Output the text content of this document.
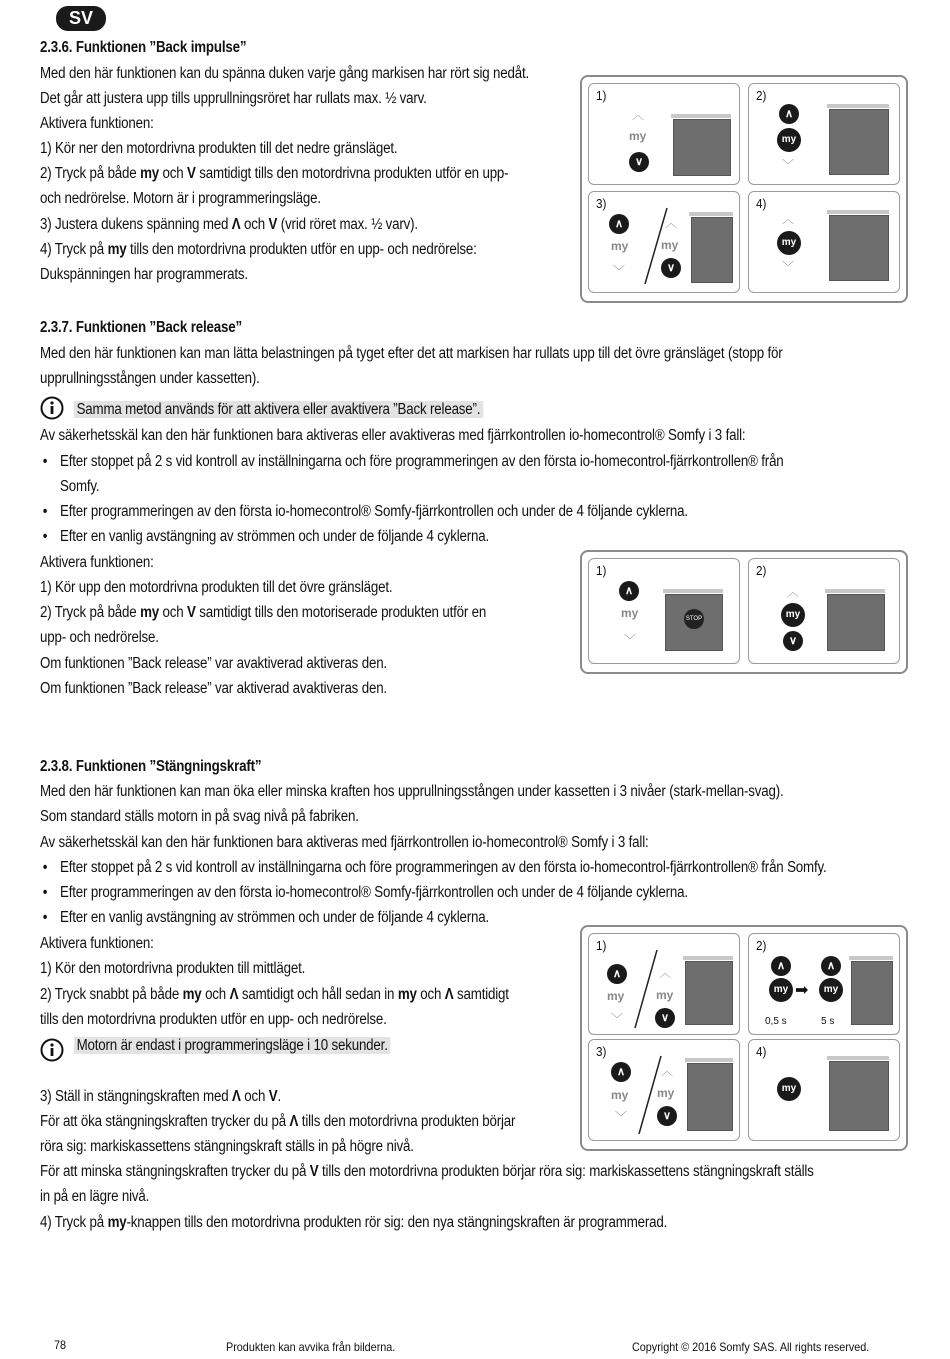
SV
2.3.6. Funktionen ”Back impulse”
Med den här funktionen kan du spänna duken varje gång markisen har rört sig nedåt.
Det går att justera upp tills upprullningsröret har rullats max. ½ varv.
Aktivera funktionen:
1) Kör ner den motordrivna produkten till det nedre gränsläget.
2) Tryck på både my och V samtidigt tills den motordrivna produkten utför en upp-
och nedrörelse. Motorn är i programmeringsläge.
3) Justera dukens spänning med Λ och V (vrid röret max. ½ varv).
4) Tryck på my tills den motordrivna produkten utför en upp- och nedrörelse:
Dukspänningen har programmerats.
1)
︿
my
∨
2)
∧
my
﹀
3)
∧
my
﹀
︿
my
∨
4)
︿
my
﹀
2.3.7. Funktionen ”Back release”
Med den här funktionen kan man lätta belastningen på tyget efter det att markisen har rullats upp till det övre gränsläget (stopp för
upprullningsstången under kassetten).
Samma metod används för att aktivera eller avaktivera ”Back release”.
Av säkerhetsskäl kan den här funktionen bara aktiveras eller avaktiveras med fjärrkontrollen io-homecontrol® Somfy i 3 fall:
• Efter stoppet på 2 s vid kontroll av inställningarna och före programmeringen av den första io-homecontrol-fjärrkontrollen® från
Somfy.
• Efter programmeringen av den första io-homecontrol® Somfy-fjärrkontrollen och under de 4 följande cyklerna.
• Efter en vanlig avstängning av strömmen och under de följande 4 cyklerna.
Aktivera funktionen:
1) Kör upp den motordrivna produkten till det övre gränsläget.
2) Tryck på både my och V samtidigt tills den motoriserade produkten utför en
upp- och nedrörelse.
Om funktionen ”Back release” var avaktiverad aktiveras den.
Om funktionen ”Back release” var aktiverad avaktiveras den.
1)
∧
my
﹀
STOP
2)
︿
my
∨
2.3.8. Funktionen ”Stängningskraft”
Med den här funktionen kan man öka eller minska kraften hos upprullningsstången under kassetten i 3 nivåer (stark-mellan-svag).
Som standard ställs motorn in på svag nivå på fabriken.
Av säkerhetsskäl kan den här funktionen bara aktiveras med fjärrkontrollen io-homecontrol® Somfy i 3 fall:
• Efter stoppet på 2 s vid kontroll av inställningarna och före programmeringen av den första io-homecontrol-fjärrkontrollen® från Somfy.
• Efter programmeringen av den första io-homecontrol® Somfy-fjärrkontrollen och under de 4 följande cyklerna.
• Efter en vanlig avstängning av strömmen och under de följande 4 cyklerna.
Aktivera funktionen:
1) Kör den motordrivna produkten till mittläget.
2) Tryck snabbt på både my och Λ samtidigt och håll sedan in my och Λ samtidigt
tills den motordrivna produkten utför en upp- och nedrörelse.
Motorn är endast i programmeringsläge i 10 sekunder.
3) Ställ in stängningskraften med Λ och V.
För att öka stängningskraften trycker du på Λ tills den motordrivna produkten börjar
röra sig: markiskassettens stängningskraft ställs in på högre nivå.
För att minska stängningskraften trycker du på V tills den motordrivna produkten börjar röra sig: markiskassettens stängningskraft ställs
in på en lägre nivå.
4) Tryck på my-knappen tills den motordrivna produkten rör sig: den nya stängningskraften är programmerad.
1)
∧
my
﹀
︿
my
∨
2)
∧
my ➡
∧
my
0,5 s	5 s
3)
∧
my
﹀
︿
my
∨
4)
my
78	Produkten kan avvika från bilderna.	Copyright © 2016 Somfy SAS. All rights reserved.
